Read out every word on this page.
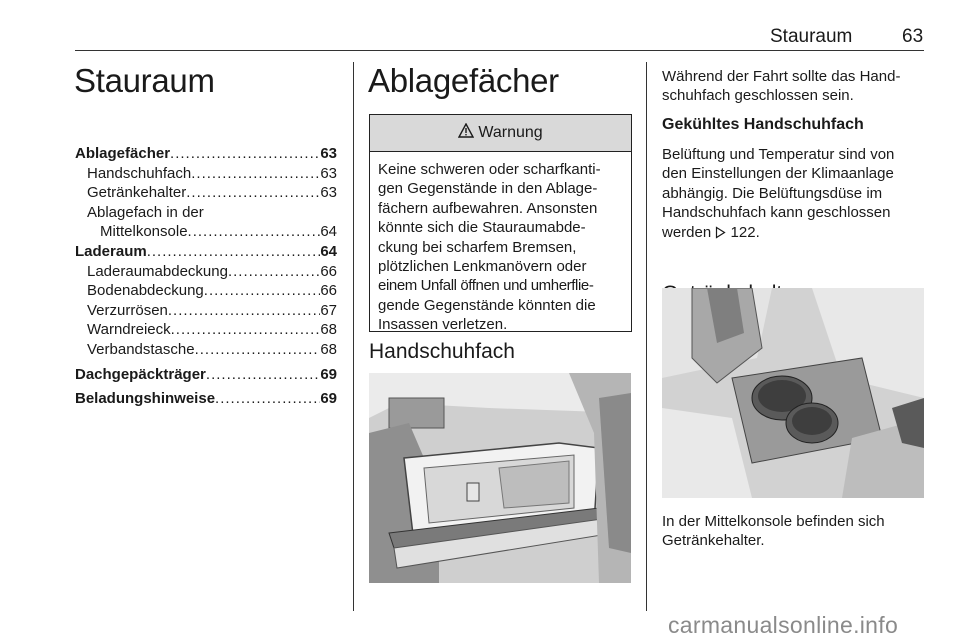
Stauraum	63
Stauraum
Ablagefächer .....	63
Handschuhfach .....	63
Getränkehalter .....	63
Ablagefach in der
Mittelkonsole .....	64
Laderaum .....	64
Laderaumabdeckung .....	66
Bodenabdeckung .....	66
Verzurrösen .....	67
Warndreieck .....	68
Verbandstasche .....	68
Dachgepäckträger .....	69
Beladungshinweise .....	69
Ablagefächer
Warnung
Keine schweren oder scharfkanti-
gen Gegenstände in den Ablage-
fächern aufbewahren. Ansonsten
könnte sich die Stauraumabde-
ckung bei scharfem Bremsen,
plötzlichen Lenkmanövern oder
einem Unfall öffnen und umherflie-
gende Gegenstände könnten die
Insassen verletzen.
Handschuhfach
Während der Fahrt sollte das Hand-
schuhfach geschlossen sein.
Gekühltes Handschuhfach
Belüftung und Temperatur sind von
den Einstellungen der Klimaanlage
abhängig. Die Belüftungsdüse im
Handschuhfach kann geschlossen
werden 122.
In der Mittelkonsole befinden sich
Getränkehalter.
carmanualsonline.info
